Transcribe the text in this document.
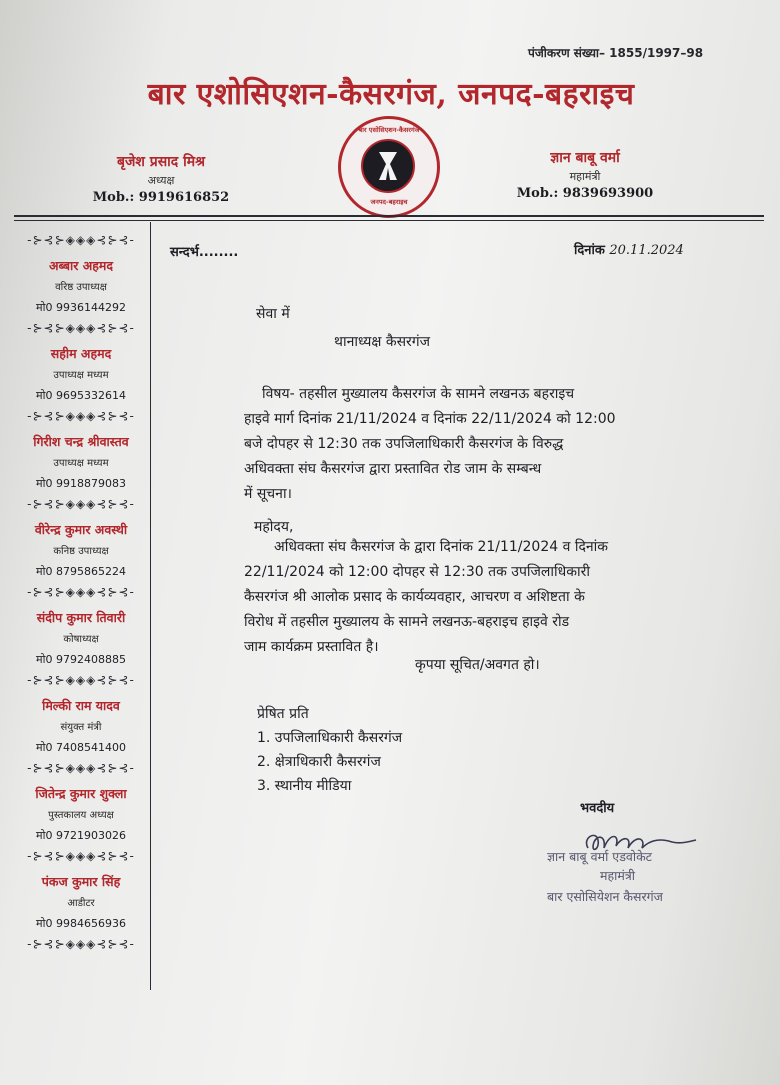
पंजीकरण संख्या– 1855/1997–98
बार एशोसिएशन-कैसरगंज, जनपद-बहराइच
बृजेश प्रसाद मिश्र
अध्यक्ष
Mob.: 9919616852
बार एसोसिएशन-कैसरगंज
जनपद-बहराइच
ज्ञान बाबू वर्मा
महामंत्री
Mob.: 9839693900
-⊱⊰⊱◈◈◈⊰⊱⊰-
अब्बार अहमद
वरिष्ठ उपाध्यक्ष
मो0 9936144292
-⊱⊰⊱◈◈◈⊰⊱⊰-
सहीम अहमद
उपाध्यक्ष मध्यम
मो0 9695332614
-⊱⊰⊱◈◈◈⊰⊱⊰-
गिरीश चन्द्र श्रीवास्तव
उपाध्यक्ष मध्यम
मो0 9918879083
-⊱⊰⊱◈◈◈⊰⊱⊰-
वीरेन्द्र कुमार अवस्थी
कनिष्ठ उपाध्यक्ष
मो0 8795865224
-⊱⊰⊱◈◈◈⊰⊱⊰-
संदीप कुमार तिवारी
कोषाध्यक्ष
मो0 9792408885
-⊱⊰⊱◈◈◈⊰⊱⊰-
मिल्की राम यादव
संयुक्त मंत्री
मो0 7408541400
-⊱⊰⊱◈◈◈⊰⊱⊰-
जितेन्द्र कुमार शुक्ला
पुस्तकालय अध्यक्ष
मो0 9721903026
-⊱⊰⊱◈◈◈⊰⊱⊰-
पंकज कुमार सिंह
आडीटर
मो0 9984656936
-⊱⊰⊱◈◈◈⊰⊱⊰-
सन्दर्भ........	दिनांक 20.11.2024
सेवा में
थानाध्यक्ष कैसरगंज
विषय- तहसील मुख्यालय कैसरगंज के सामने लखनऊ बहराइच
हाइवे मार्ग दिनांक 21/11/2024 व दिनांक 22/11/2024 को 12:00
बजे दोपहर से 12:30 तक उपजिलाधिकारी कैसरगंज के विरुद्ध
अधिवक्ता संघ कैसरगंज द्वारा प्रस्तावित रोड जाम के सम्बन्ध
में सूचना।
महोदय,
अधिवक्ता संघ कैसरगंज के द्वारा दिनांक 21/11/2024 व दिनांक
22/11/2024 को 12:00 दोपहर से 12:30 तक उपजिलाधिकारी
कैसरगंज श्री आलोक प्रसाद के कार्यव्यवहार, आचरण व अशिष्टता के
विरोध में तहसील मुख्यालय के सामने लखनऊ-बहराइच हाइवे रोड
जाम कार्यक्रम प्रस्तावित है।
कृपया सूचित/अवगत हो।
प्रेषित प्रति
1. उपजिलाधिकारी कैसरगंज
2. क्षेत्राधिकारी कैसरगंज
3. स्थानीय मीडिया
भवदीय
ज्ञान बाबू वर्मा एडवोकेट
महामंत्री
बार एसोसियेशन कैसरगंज
